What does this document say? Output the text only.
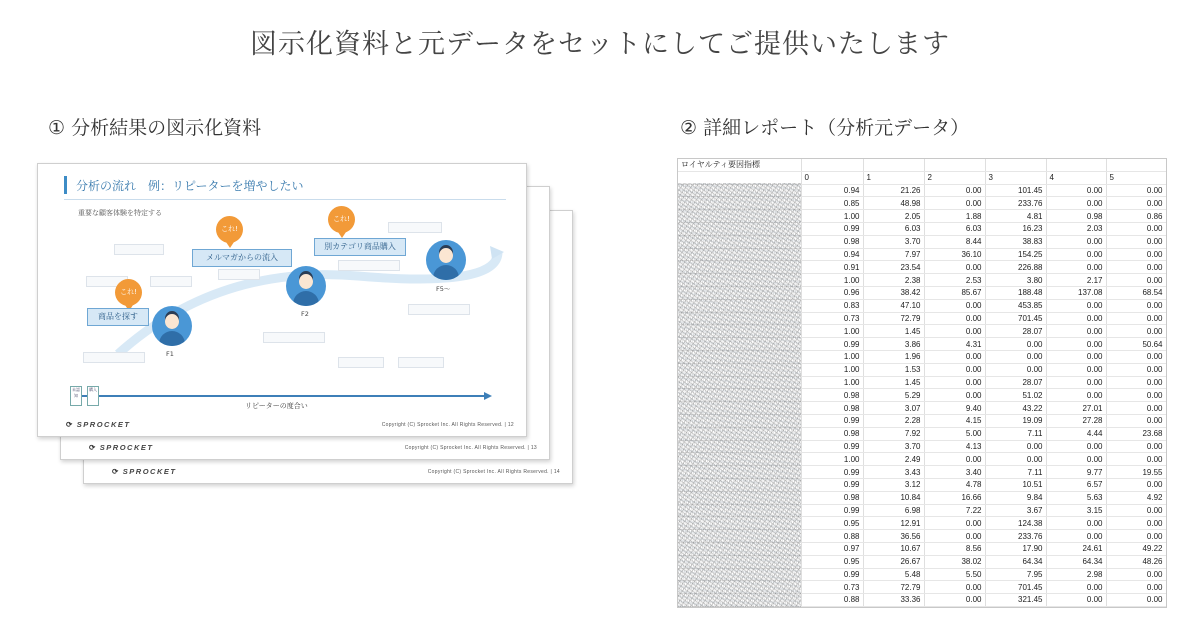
図示化資料と元データをセットにしてご提供いたします
① 分析結果の図示化資料	② 詳細レポート（分析元データ）
⟳ SPROCKET	Copyright (C) Sprocket Inc. All Rights Reserved. | 14
⟳ SPROCKET	Copyright (C) Sprocket Inc. All Rights Reserved. | 13
分析の流れ　例：リピーターを増やしたい
重要な顧客体験を特定する
これ!
これ!
これ!
商品を探す
メルマガからの流入
別カテゴリ商品購入
F1
F2
F5～
未認知
購入
リピーターの度合い
⟳ SPROCKET	Copyright (C) Sprocket Inc. All Rights Reserved. | 12
ロイヤルティ要因指標						
	0	1	2	3	4	5
	0.94	21.26	0.00	101.45	0.00	0.00
	0.85	48.98	0.00	233.76	0.00	0.00
	1.00	2.05	1.88	4.81	0.98	0.86
	0.99	6.03	6.03	16.23	2.03	0.00
	0.98	3.70	8.44	38.83	0.00	0.00
	0.94	7.97	36.10	154.25	0.00	0.00
	0.91	23.54	0.00	226.88	0.00	0.00
	1.00	2.38	2.53	3.80	2.17	0.00
	0.96	38.42	85.67	188.48	137.08	68.54
	0.83	47.10	0.00	453.85	0.00	0.00
	0.73	72.79	0.00	701.45	0.00	0.00
	1.00	1.45	0.00	28.07	0.00	0.00
	0.99	3.86	4.31	0.00	0.00	50.64
	1.00	1.96	0.00	0.00	0.00	0.00
	1.00	1.53	0.00	0.00	0.00	0.00
	1.00	1.45	0.00	28.07	0.00	0.00
	0.98	5.29	0.00	51.02	0.00	0.00
	0.98	3.07	9.40	43.22	27.01	0.00
	0.99	2.28	4.15	19.09	27.28	0.00
	0.98	7.92	5.00	7.11	4.44	23.68
	0.99	3.70	4.13	0.00	0.00	0.00
	1.00	2.49	0.00	0.00	0.00	0.00
	0.99	3.43	3.40	7.11	9.77	19.55
	0.99	3.12	4.78	10.51	6.57	0.00
	0.98	10.84	16.66	9.84	5.63	4.92
	0.99	6.98	7.22	3.67	3.15	0.00
	0.95	12.91	0.00	124.38	0.00	0.00
	0.88	36.56	0.00	233.76	0.00	0.00
	0.97	10.67	8.56	17.90	24.61	49.22
	0.95	26.67	38.02	64.34	64.34	48.26
	0.99	5.48	5.50	7.95	2.98	0.00
	0.73	72.79	0.00	701.45	0.00	0.00
	0.88	33.36	0.00	321.45	0.00	0.00
